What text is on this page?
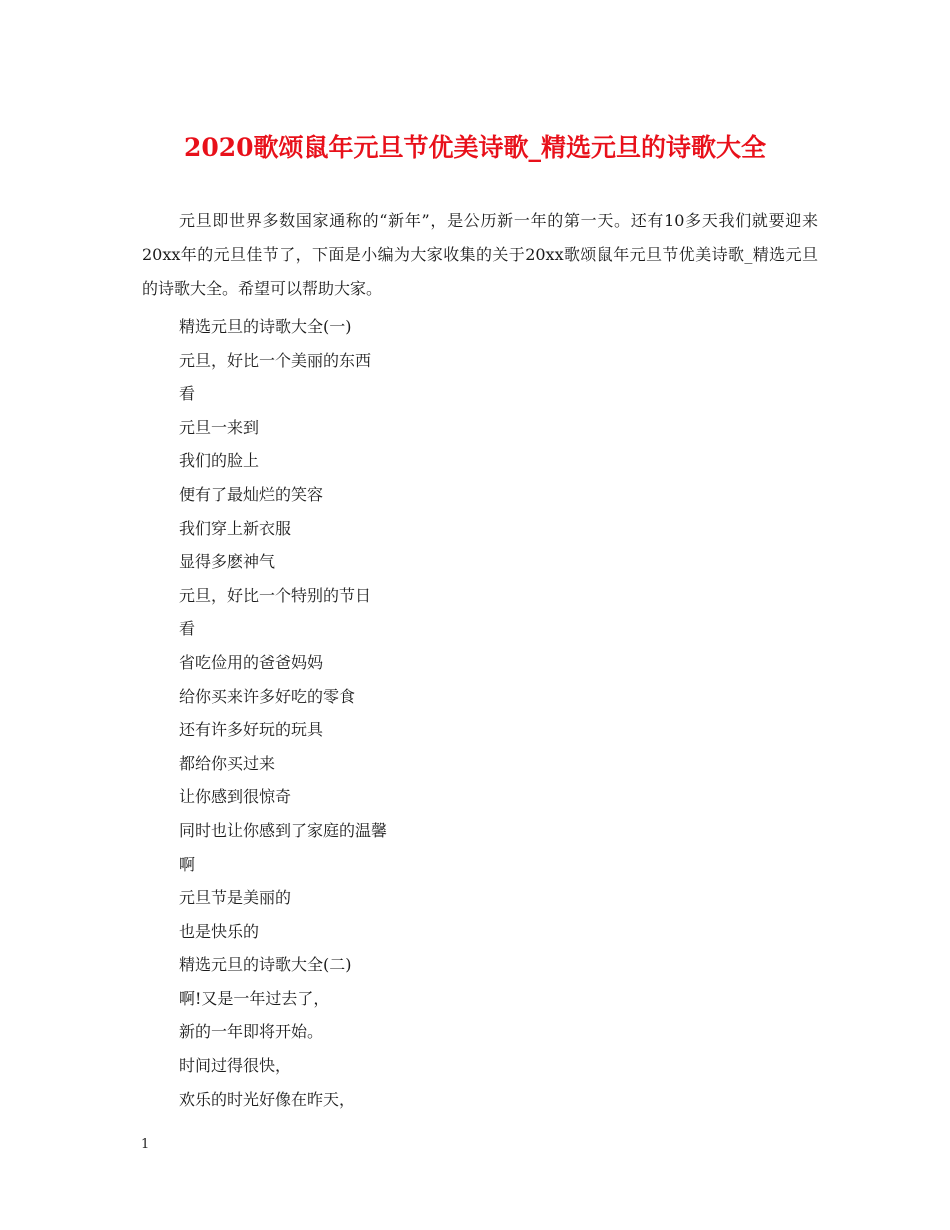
2020歌颂鼠年元旦节优美诗歌_精选元旦的诗歌大全

元旦即世界多数国家通称的“新年”，是公历新一年的第一天。还有10多天我们就要迎来20xx年的元旦佳节了，下面是小编为大家收集的关于20xx歌颂鼠年元旦节优美诗歌_精选元旦的诗歌大全。希望可以帮助大家。

精选元旦的诗歌大全(一)
元旦，好比一个美丽的东西
看
元旦一来到
我们的脸上
便有了最灿烂的笑容
我们穿上新衣服
显得多麽神气
元旦，好比一个特别的节日
看
省吃俭用的爸爸妈妈
给你买来许多好吃的零食
还有许多好玩的玩具
都给你买过来
让你感到很惊奇
同时也让你感到了家庭的温馨
啊
元旦节是美丽的
也是快乐的
精选元旦的诗歌大全(二)
啊!又是一年过去了，
新的一年即将开始。
时间过得很快，
欢乐的时光好像在昨天，
1
